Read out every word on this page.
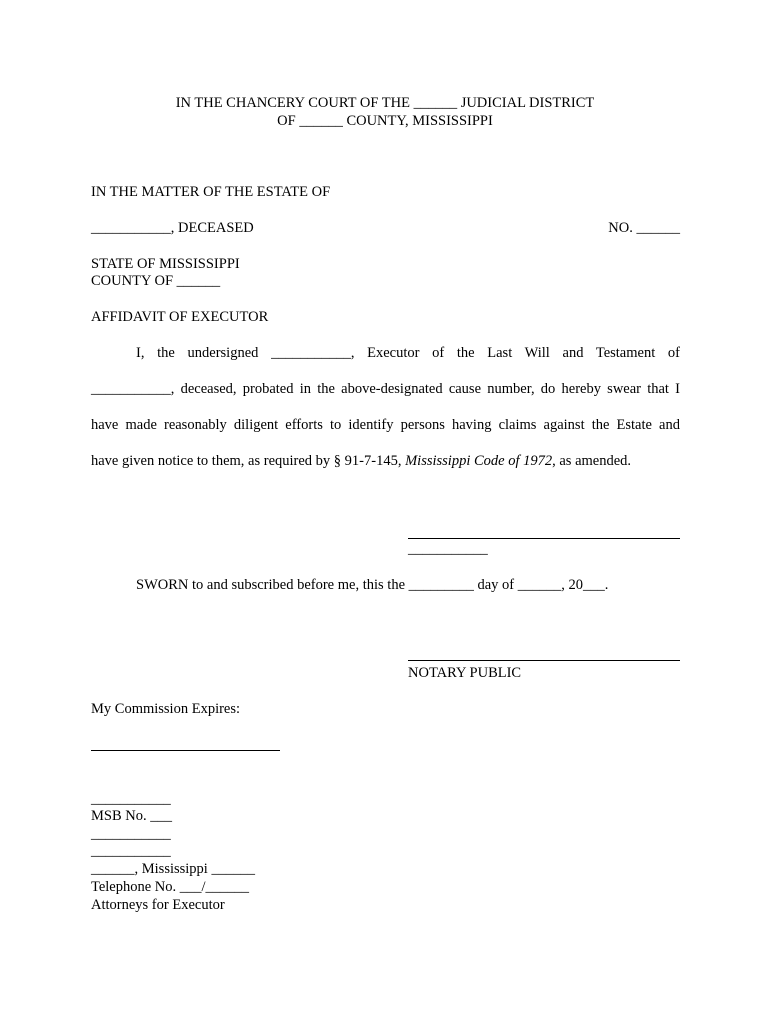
IN THE CHANCERY COURT OF THE ______ JUDICIAL DISTRICT
OF ______ COUNTY, MISSISSIPPI
IN THE MATTER OF THE ESTATE OF
___________, DECEASED	NO. ______
STATE OF MISSISSIPPI
COUNTY OF ______
AFFIDAVIT OF EXECUTOR
I, the undersigned ___________, Executor of the Last Will and Testament of
___________, deceased, probated in the above-designated cause number, do hereby swear that I
have made reasonably diligent efforts to identify persons having claims against the Estate and
have given notice to them, as required by § 91-7-145, Mississippi Code of 1972, as amended.
___________
SWORN to and subscribed before me, this the _________ day of ______, 20___.
NOTARY PUBLIC
My Commission Expires:
___________
MSB No. ___
___________
___________
______, Mississippi ______
Telephone No. ___/______
Attorneys for Executor
